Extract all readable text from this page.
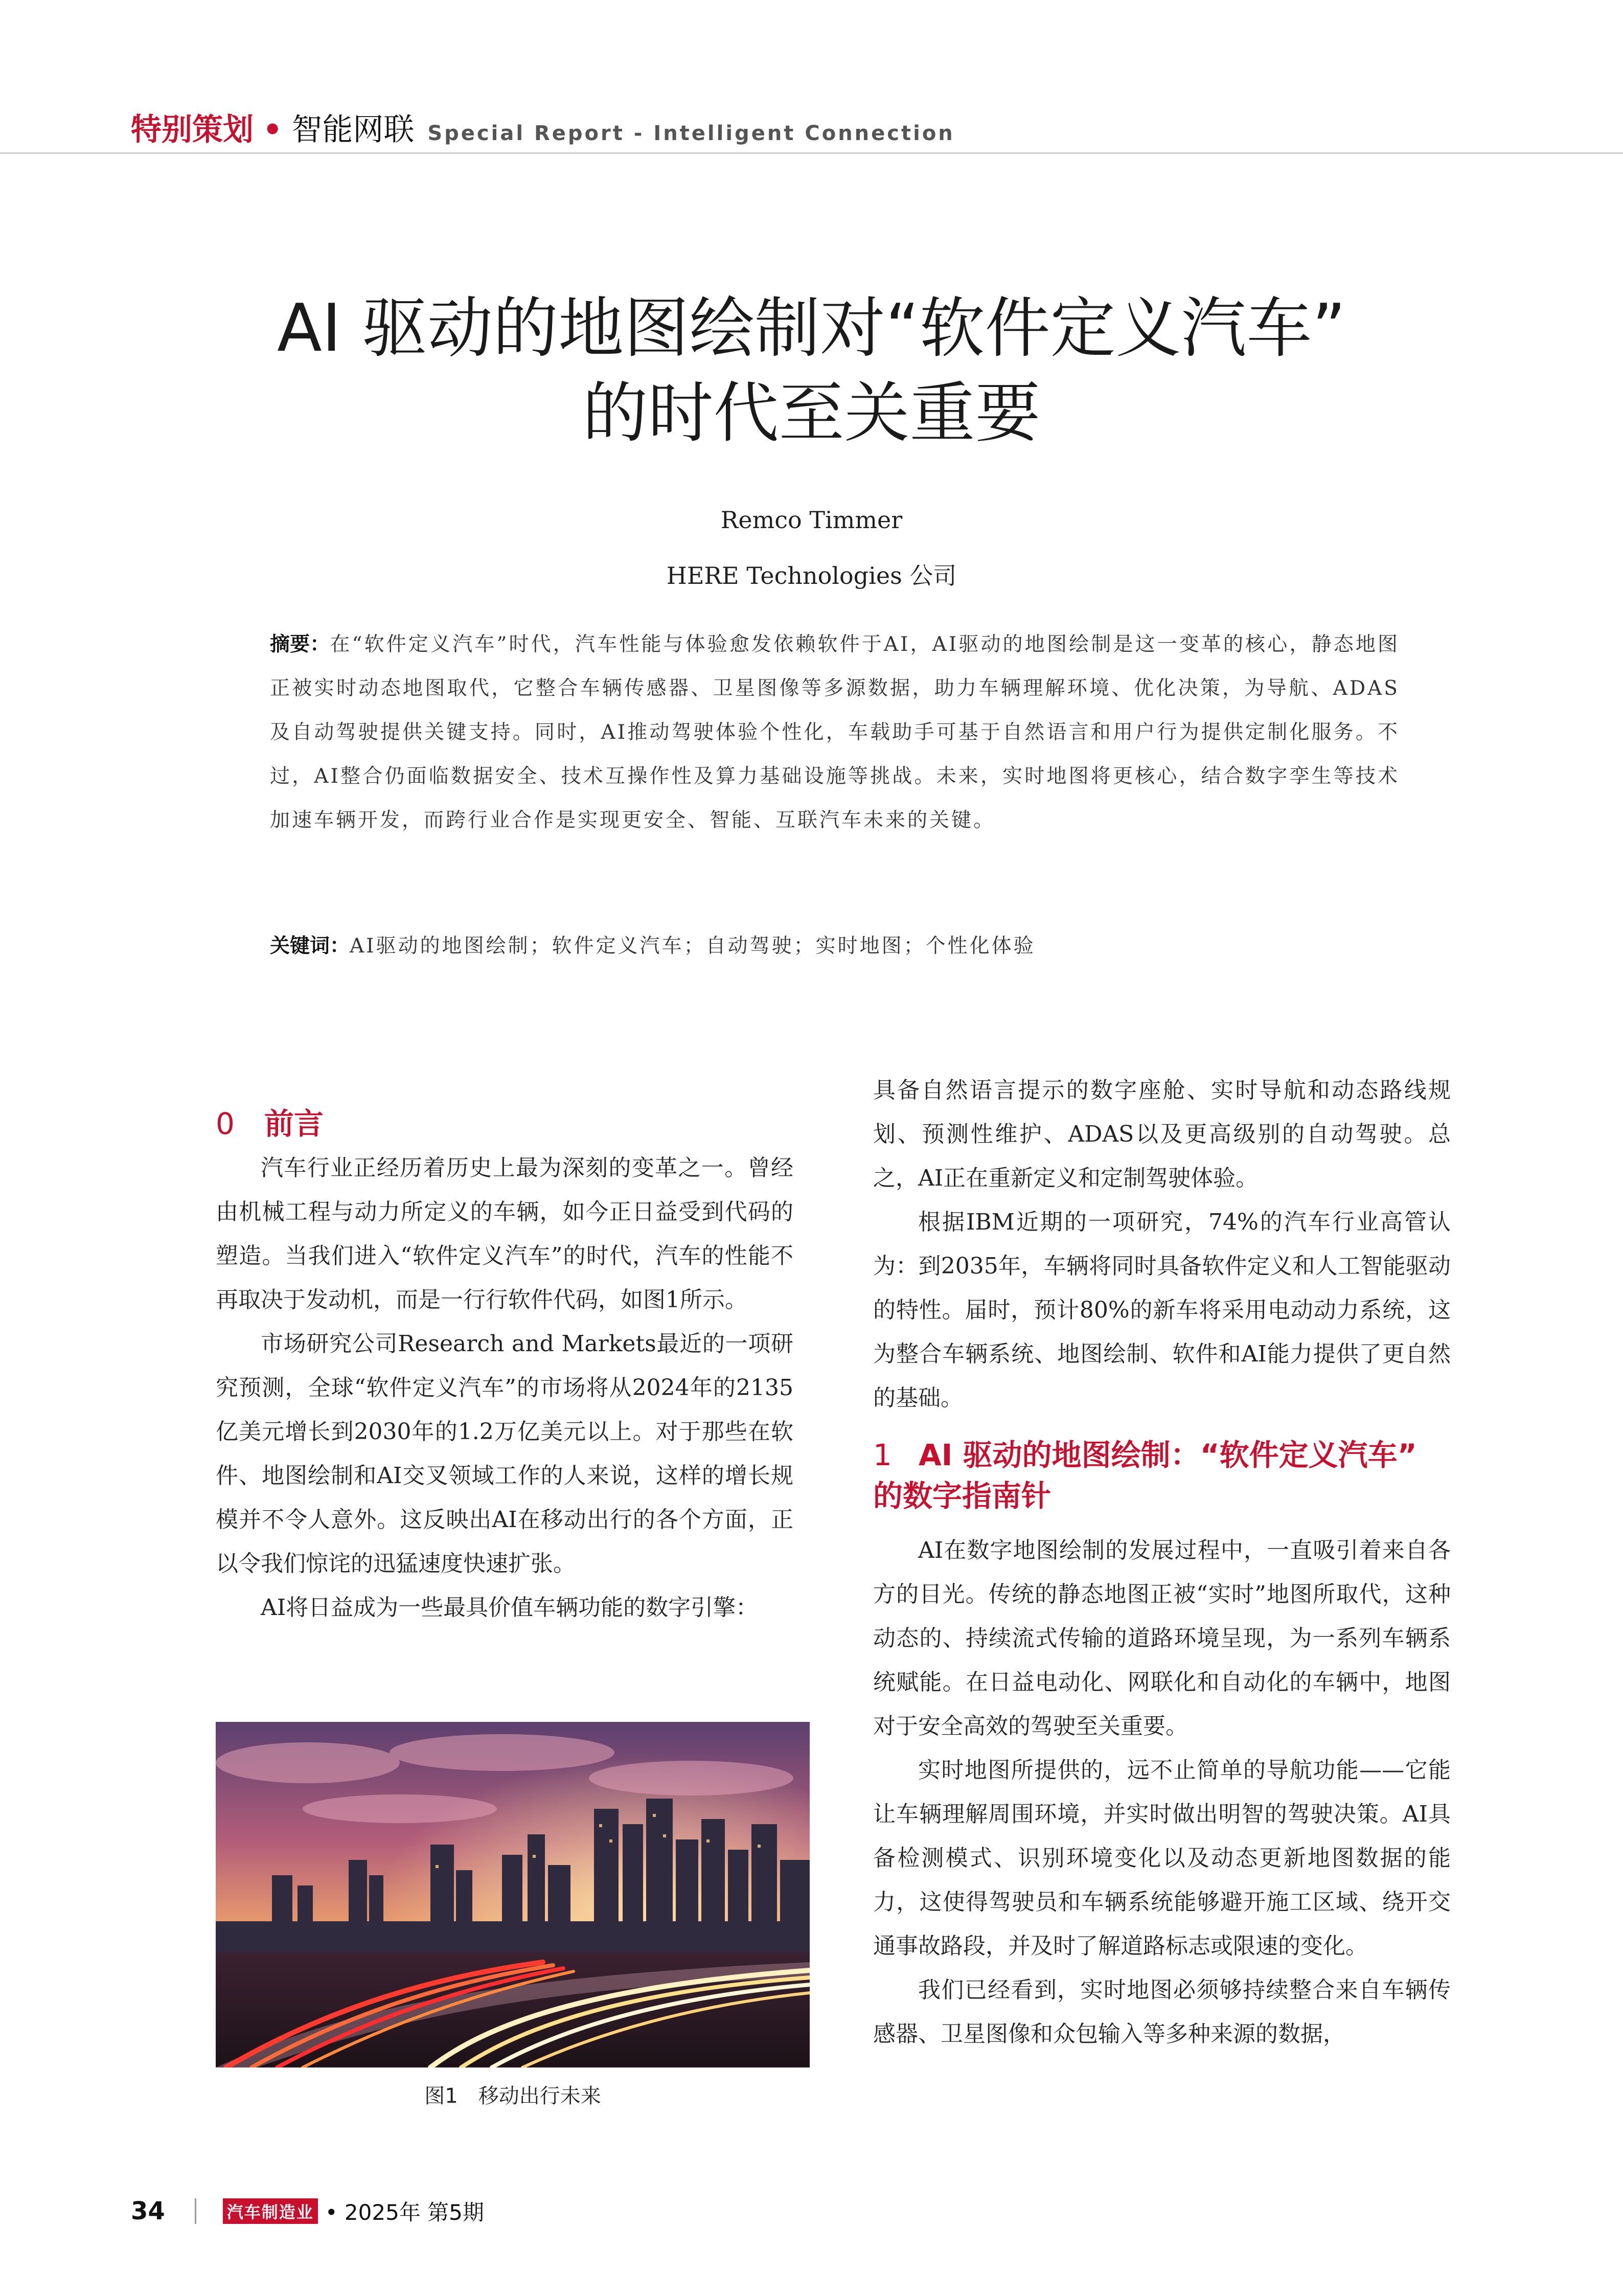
特别策划 • 智能网联 Special Report - Intelligent Connection
AI 驱动的地图绘制对“软件定义汽车”
的时代至关重要
Remco Timmer
HERE Technologies 公司
摘要：在“软件定义汽车”时代，汽车性能与体验愈发依赖软件于AI，AI驱动的地图绘制是这一变革的核心，静态地图正被实时动态地图取代，它整合车辆传感器、卫星图像等多源数据，助力车辆理解环境、优化决策，为导航、ADAS及自动驾驶提供关键支持。同时，AI推动驾驶体验个性化，车载助手可基于自然语言和用户行为提供定制化服务。不过，AI整合仍面临数据安全、技术互操作性及算力基础设施等挑战。未来，实时地图将更核心，结合数字孪生等技术加速车辆开发，而跨行业合作是实现更安全、智能、互联汽车未来的关键。
关键词：AI驱动的地图绘制；软件定义汽车；自动驾驶；实时地图；个性化体验
0 前言

汽车行业正经历着历史上最为深刻的变革之一。曾经由机械工程与动力所定义的车辆，如今正日益受到代码的塑造。当我们进入“软件定义汽车”的时代，汽车的性能不再取决于发动机，而是一行行软件代码，如图1所示。

市场研究公司Research and Markets最近的一项研究预测，全球“软件定义汽车”的市场将从2024年的2135亿美元增长到2030年的1.2万亿美元以上。对于那些在软件、地图绘制和AI交叉领域工作的人来说，这样的增长规模并不令人意外。这反映出AI在移动出行的各个方面，正以令我们惊诧的迅猛速度快速扩张。

AI将日益成为一些最具价值车辆功能的数字引擎：

图1 移动出行未来

具备自然语言提示的数字座舱、实时导航和动态路线规划、预测性维护、ADAS以及更高级别的自动驾驶。总之，AI正在重新定义和定制驾驶体验。

根据IBM近期的一项研究，74%的汽车行业高管认为：到2035年，车辆将同时具备软件定义和人工智能驱动的特性。届时，预计80%的新车将采用电动动力系统，这为整合车辆系统、地图绘制、软件和AI能力提供了更自然的基础。

1 AI 驱动的地图绘制：“软件定义汽车”
的数字指南针

AI在数字地图绘制的发展过程中，一直吸引着来自各方的目光。传统的静态地图正被“实时”地图所取代，这种动态的、持续流式传输的道路环境呈现，为一系列车辆系统赋能。在日益电动化、网联化和自动化的车辆中，地图对于安全高效的驾驶至关重要。

实时地图所提供的，远不止简单的导航功能——它能让车辆理解周围环境，并实时做出明智的驾驶决策。AI具备检测模式、识别环境变化以及动态更新地图数据的能力，这使得驾驶员和车辆系统能够避开施工区域、绕开交通事故路段，并及时了解道路标志或限速的变化。

我们已经看到，实时地图必须够持续整合来自车辆传感器、卫星图像和众包输入等多种来源的数据，

34	汽车制造业 • 2025年 第5期
